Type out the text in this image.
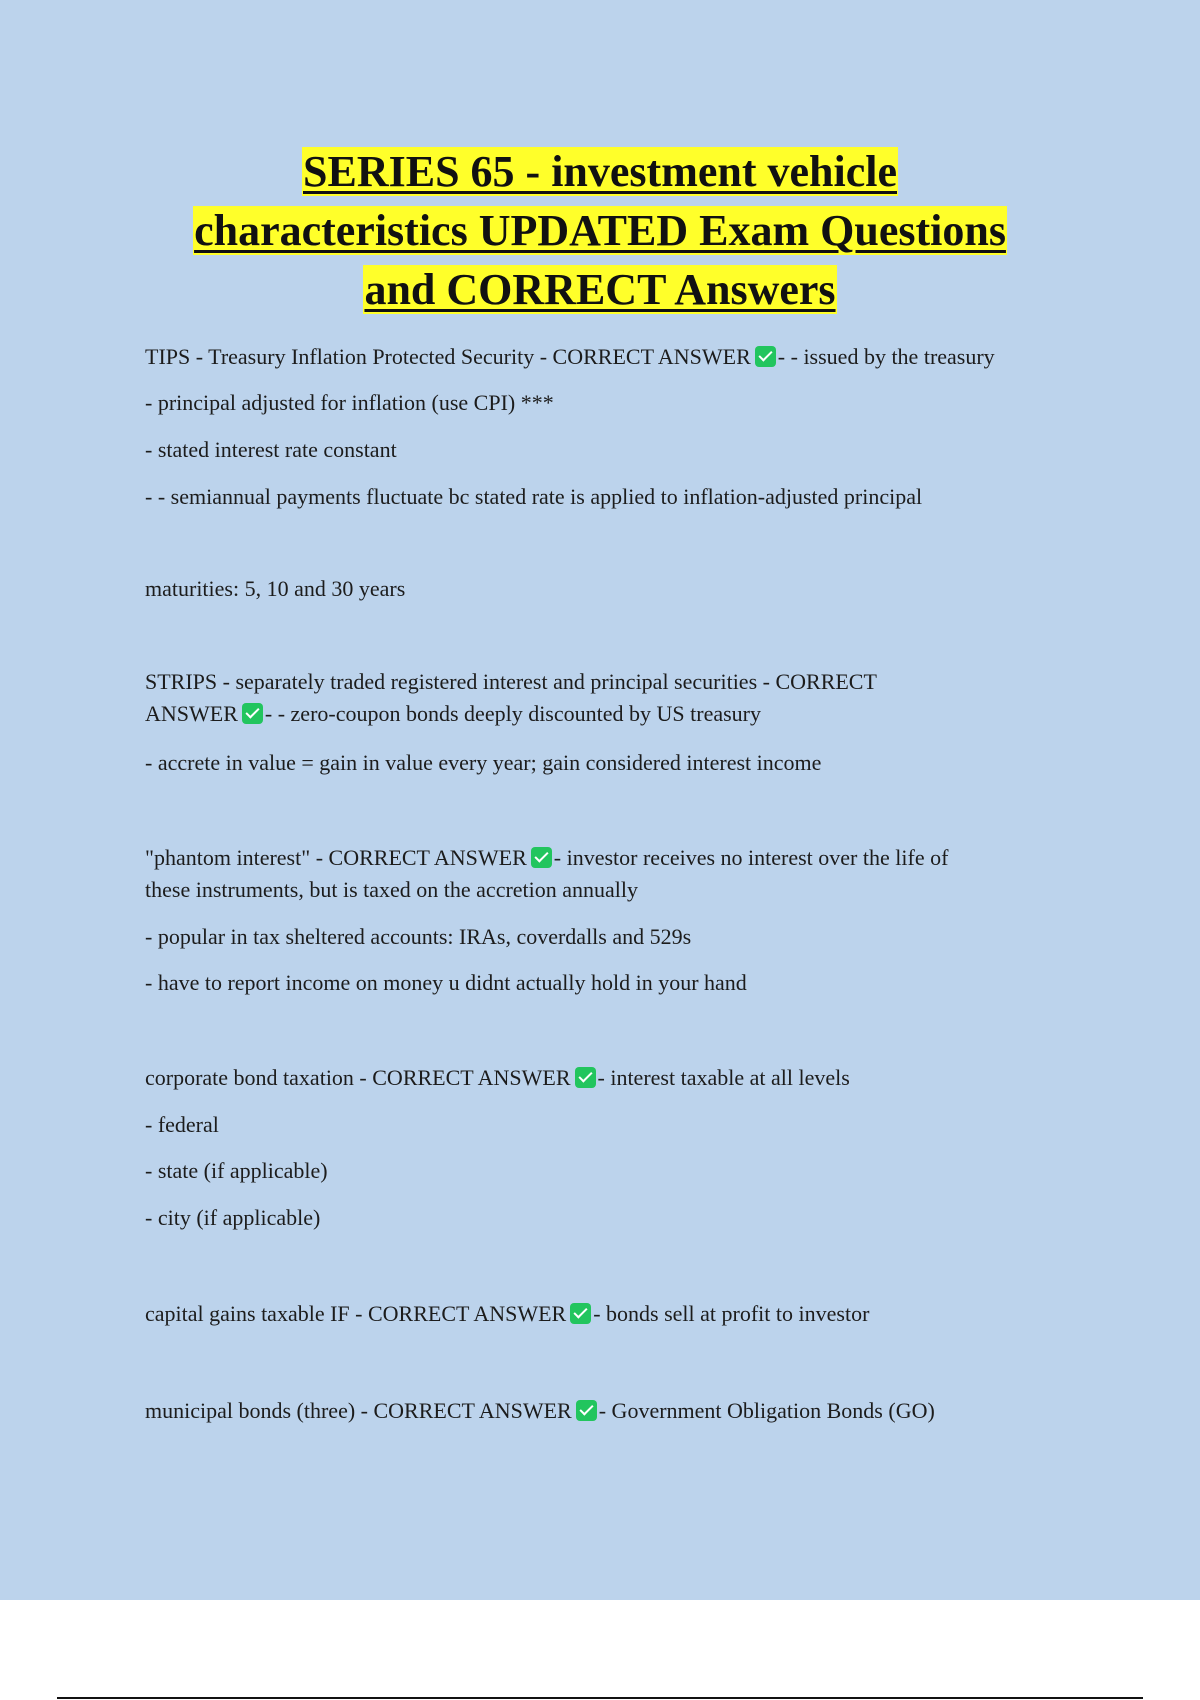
SERIES 65 - investment vehicle
characteristics UPDATED Exam Questions
and CORRECT Answers
TIPS - Treasury Inflation Protected Security - CORRECT ANSWER - - issued by the treasury
- principal adjusted for inflation (use CPI) ***
- stated interest rate constant
- - semiannual payments fluctuate bc stated rate is applied to inflation-adjusted principal
maturities: 5, 10 and 30 years
STRIPS - separately traded registered interest and principal securities - CORRECT
ANSWER - - zero-coupon bonds deeply discounted by US treasury
- accrete in value = gain in value every year; gain considered interest income
"phantom interest" - CORRECT ANSWER - investor receives no interest over the life of
these instruments, but is taxed on the accretion annually
- popular in tax sheltered accounts: IRAs, coverdalls and 529s
- have to report income on money u didnt actually hold in your hand
corporate bond taxation - CORRECT ANSWER - interest taxable at all levels
- federal
- state (if applicable)
- city (if applicable)
capital gains taxable IF - CORRECT ANSWER - bonds sell at profit to investor
municipal bonds (three) - CORRECT ANSWER - Government Obligation Bonds (GO)
